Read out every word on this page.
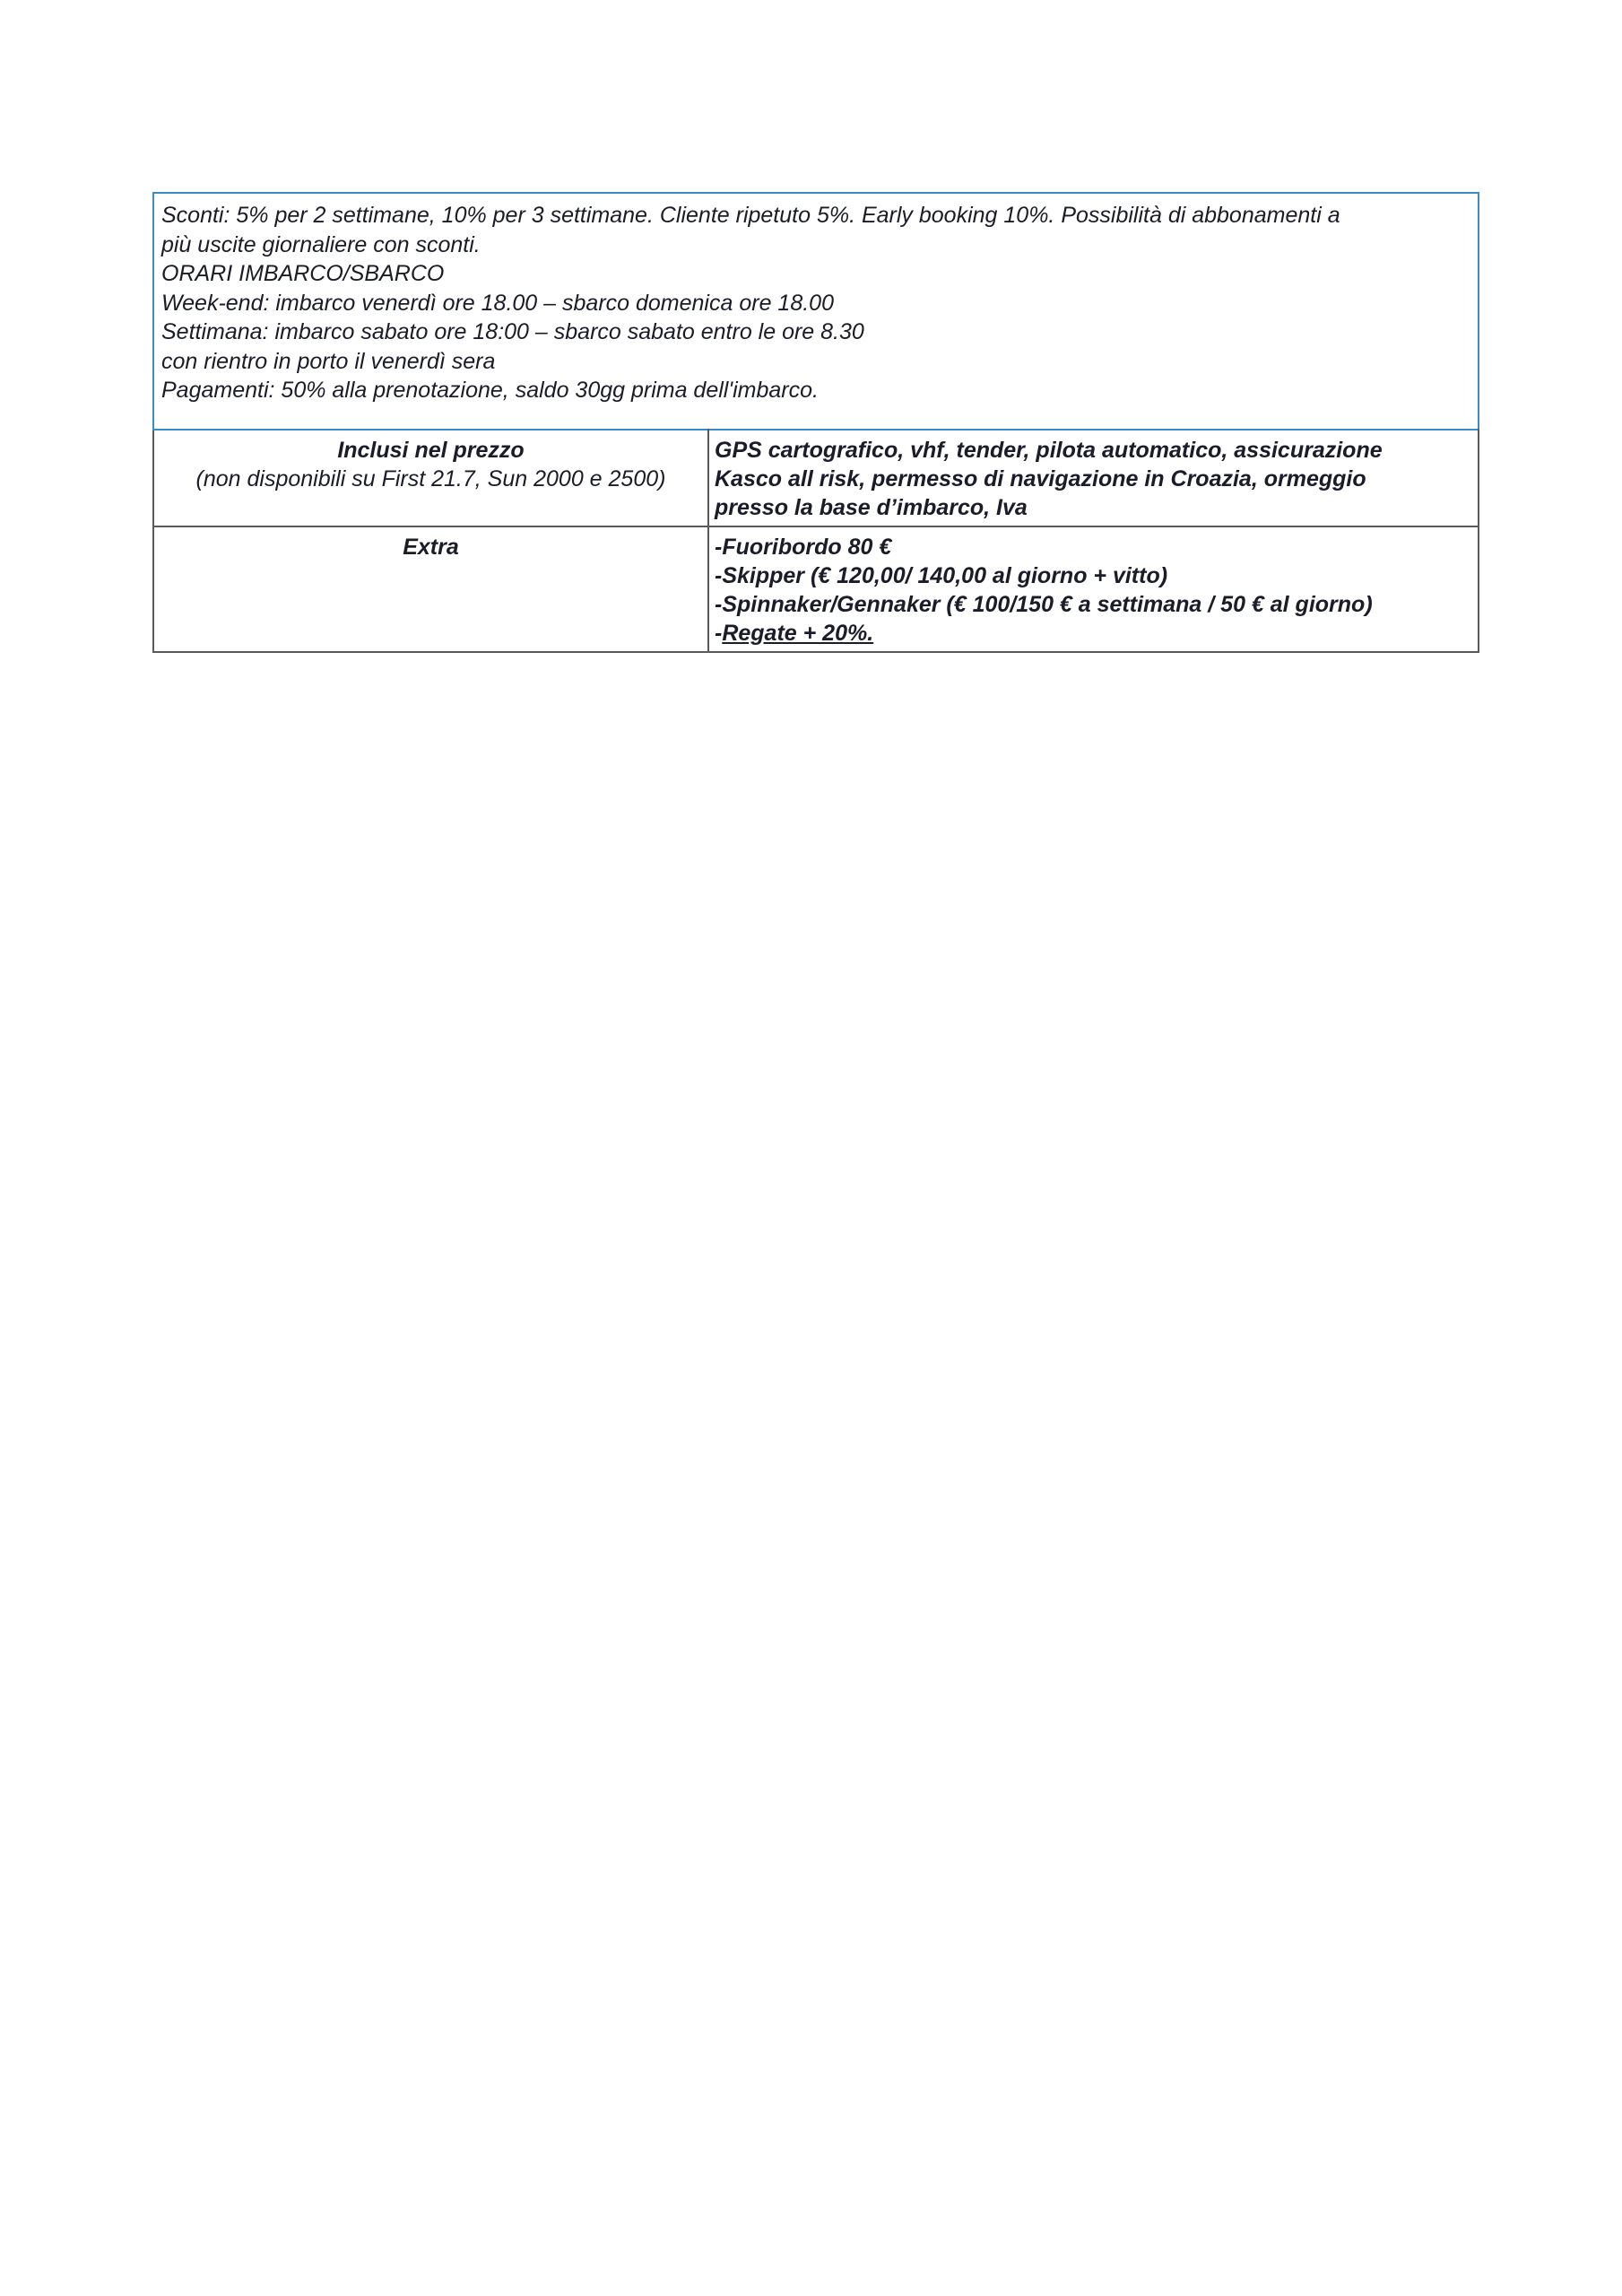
Sconti: 5% per 2 settimane, 10% per 3 settimane. Cliente ripetuto 5%. Early booking 10%. Possibilità di abbonamenti a
più uscite giornaliere con sconti.
ORARI IMBARCO/SBARCO
Week-end: imbarco venerdì ore 18.00 – sbarco domenica ore 18.00
Settimana: imbarco sabato ore 18:00 – sbarco sabato entro le ore 8.30
con rientro in porto il venerdì sera
Pagamenti: 50% alla prenotazione, saldo 30gg prima dell'imbarco.
Inclusi nel prezzo
(non disponibili su First 21.7, Sun 2000 e 2500)	GPS cartografico, vhf, tender, pilota automatico, assicurazione
Kasco all risk, permesso di navigazione in Croazia, ormeggio
presso la base d’imbarco, Iva

Extra	-Fuoribordo 80 €
-Skipper (€ 120,00/ 140,00 al giorno + vitto)
-Spinnaker/Gennaker (€ 100/150 € a settimana / 50 € al giorno)
-Regate + 20%.
